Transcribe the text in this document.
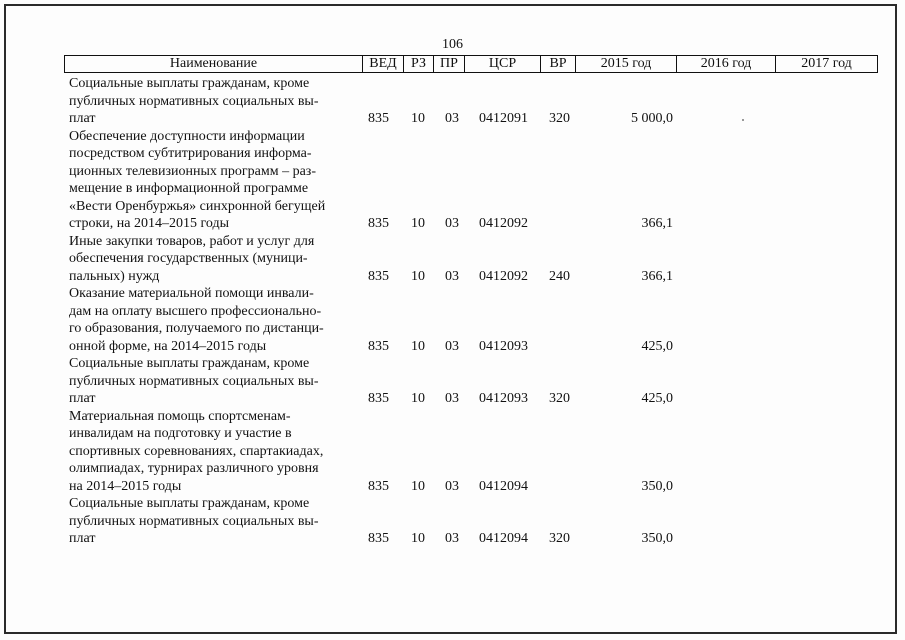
106
Наименование	ВЕД	РЗ	ПР	ЦСР	ВР	2015 год	2016 год	2017 год
Социальные выплаты гражданам, кроме
публичных нормативных социальных вы-
плат	835 10 03 0412091 320	5 000,0
Обеспечение доступности информации
посредством субтитрирования информа-
ционных телевизионных программ – раз-
мещение в информационной программе
«Вести Оренбуржья» синхронной бегущей
строки, на 2014–2015 годы	835 10 03 0412092	366,1
Иные закупки товаров, работ и услуг для
обеспечения государственных (муници-
пальных) нужд	835 10 03 0412092 240	366,1
Оказание материальной помощи инвали-
дам на оплату высшего профессионально-
го образования, получаемого по дистанци-
онной форме, на 2014–2015 годы	835 10 03 0412093	425,0
Социальные выплаты гражданам, кроме
публичных нормативных социальных вы-
плат	835 10 03 0412093 320	425,0
Материальная помощь спортсменам-
инвалидам на подготовку и участие в
спортивных соревнованиях, спартакиадах,
олимпиадах, турнирах различного уровня
на 2014–2015 годы	835 10 03 0412094	350,0
Социальные выплаты гражданам, кроме
публичных нормативных социальных вы-
плат	835 10 03 0412094 320	350,0
